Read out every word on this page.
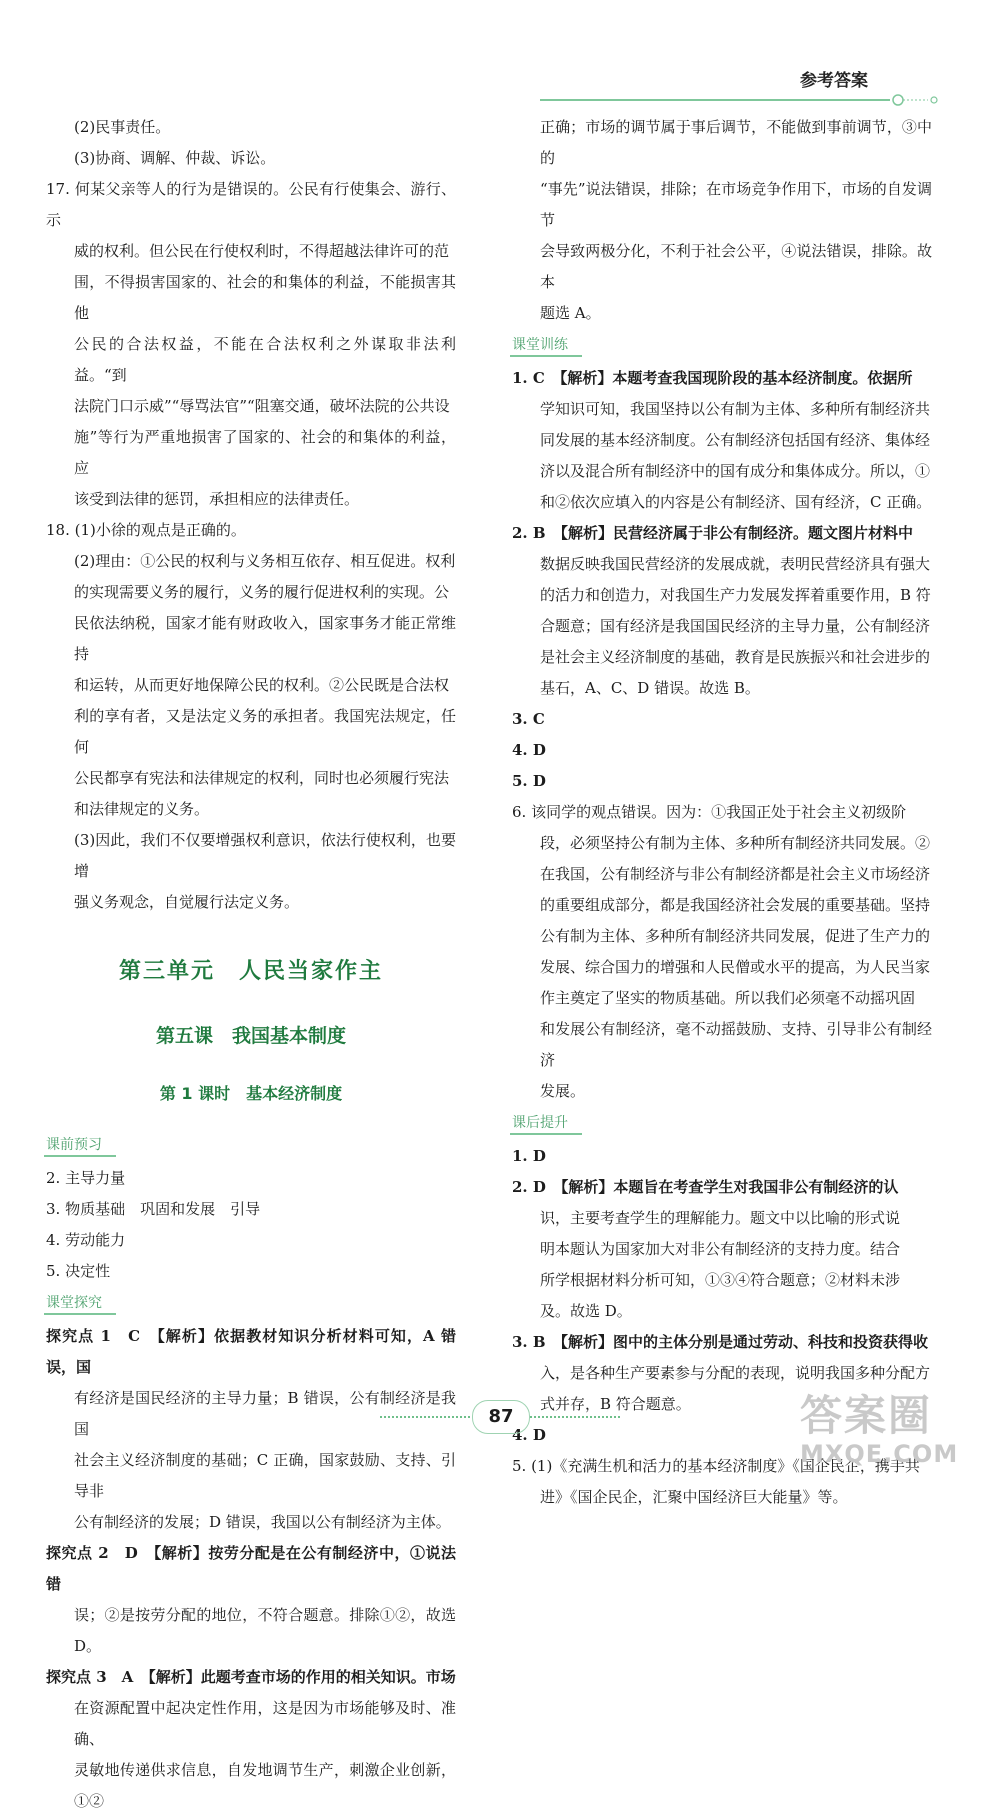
参考答案

(2)民事责任。

(3)协商、调解、仲裁、诉讼。

17. 何某父亲等人的行为是错误的。公民有行使集会、游行、示

威的权利。但公民在行使权利时，不得超越法律许可的范

围，不得损害国家的、社会的和集体的利益，不能损害其他

公民的合法权益，不能在合法权利之外谋取非法利益。“到

法院门口示威”“辱骂法官”“阻塞交通，破坏法院的公共设

施”等行为严重地损害了国家的、社会的和集体的利益，应

该受到法律的惩罚，承担相应的法律责任。

18. (1)小徐的观点是正确的。

(2)理由：①公民的权利与义务相互依存、相互促进。权利

的实现需要义务的履行，义务的履行促进权利的实现。公

民依法纳税，国家才能有财政收入，国家事务才能正常维持

和运转，从而更好地保障公民的权利。②公民既是合法权

利的享有者，又是法定义务的承担者。我国宪法规定，任何

公民都享有宪法和法律规定的权利，同时也必须履行宪法

和法律规定的义务。

(3)因此，我们不仅要增强权利意识，依法行使权利，也要增

强义务观念，自觉履行法定义务。

第三单元　人民当家作主
第五课　我国基本制度
第 1 课时　基本经济制度
课前预习

2. 主导力量

3. 物质基础　巩固和发展　引导

4. 劳动能力

5. 决定性

课堂探究

探究点 1　C　【解析】依据教材知识分析材料可知，A 错误，国

有经济是国民经济的主导力量；B 错误，公有制经济是我国

社会主义经济制度的基础；C 正确，国家鼓励、支持、引导非

公有制经济的发展；D 错误，我国以公有制经济为主体。

探究点 2　D　【解析】按劳分配是在公有制经济中，①说法错

误；②是按劳分配的地位，不符合题意。排除①②，故选 D。

探究点 3　A　【解析】此题考查市场的作用的相关知识。市场

在资源配置中起决定性作用，这是因为市场能够及时、准确、

灵敏地传递供求信息，自发地调节生产，刺激企业创新，①②

正确；市场的调节属于事后调节，不能做到事前调节，③中的

“事先”说法错误，排除；在市场竞争作用下，市场的自发调节

会导致两极分化，不利于社会公平，④说法错误，排除。故本

题选 A。

课堂训练

1. C　【解析】本题考查我国现阶段的基本经济制度。依据所

学知识可知，我国坚持以公有制为主体、多种所有制经济共

同发展的基本经济制度。公有制经济包括国有经济、集体经

济以及混合所有制经济中的国有成分和集体成分。所以，①

和②依次应填入的内容是公有制经济、国有经济，C 正确。

2. B　【解析】民营经济属于非公有制经济。题文图片材料中

数据反映我国民营经济的发展成就，表明民营经济具有强大

的活力和创造力，对我国生产力发展发挥着重要作用，B 符

合题意；国有经济是我国国民经济的主导力量，公有制经济

是社会主义经济制度的基础，教育是民族振兴和社会进步的

基石，A、C、D 错误。故选 B。

3. C

4. D

5. D

6. 该同学的观点错误。因为：①我国正处于社会主义初级阶

段，必须坚持公有制为主体、多种所有制经济共同发展。②

在我国，公有制经济与非公有制经济都是社会主义市场经济

的重要组成部分，都是我国经济社会发展的重要基础。坚持

公有制为主体、多种所有制经济共同发展，促进了生产力的

发展、综合国力的增强和人民僧或水平的提高，为人民当家

作主奠定了坚实的物质基础。所以我们必须毫不动摇巩固

和发展公有制经济，毫不动摇鼓励、支持、引导非公有制经济

发展。

课后提升

1. D

2. D　【解析】本题旨在考查学生对我国非公有制经济的认

识，主要考查学生的理解能力。题文中以比喻的形式说

明本题认为国家加大对非公有制经济的支持力度。结合

所学根据材料分析可知，①③④符合题意；②材料未涉

及。故选 D。

3. B　【解析】图中的主体分别是通过劳动、科技和投资获得收

入，是各种生产要素参与分配的表现，说明我国多种分配方

式并存，B 符合题意。

4. D

5. (1)《充满生机和活力的基本经济制度》《国企民企，携手共

进》《国企民企，汇聚中国经济巨大能量》等。

87	答案圈
MXQE.COM
